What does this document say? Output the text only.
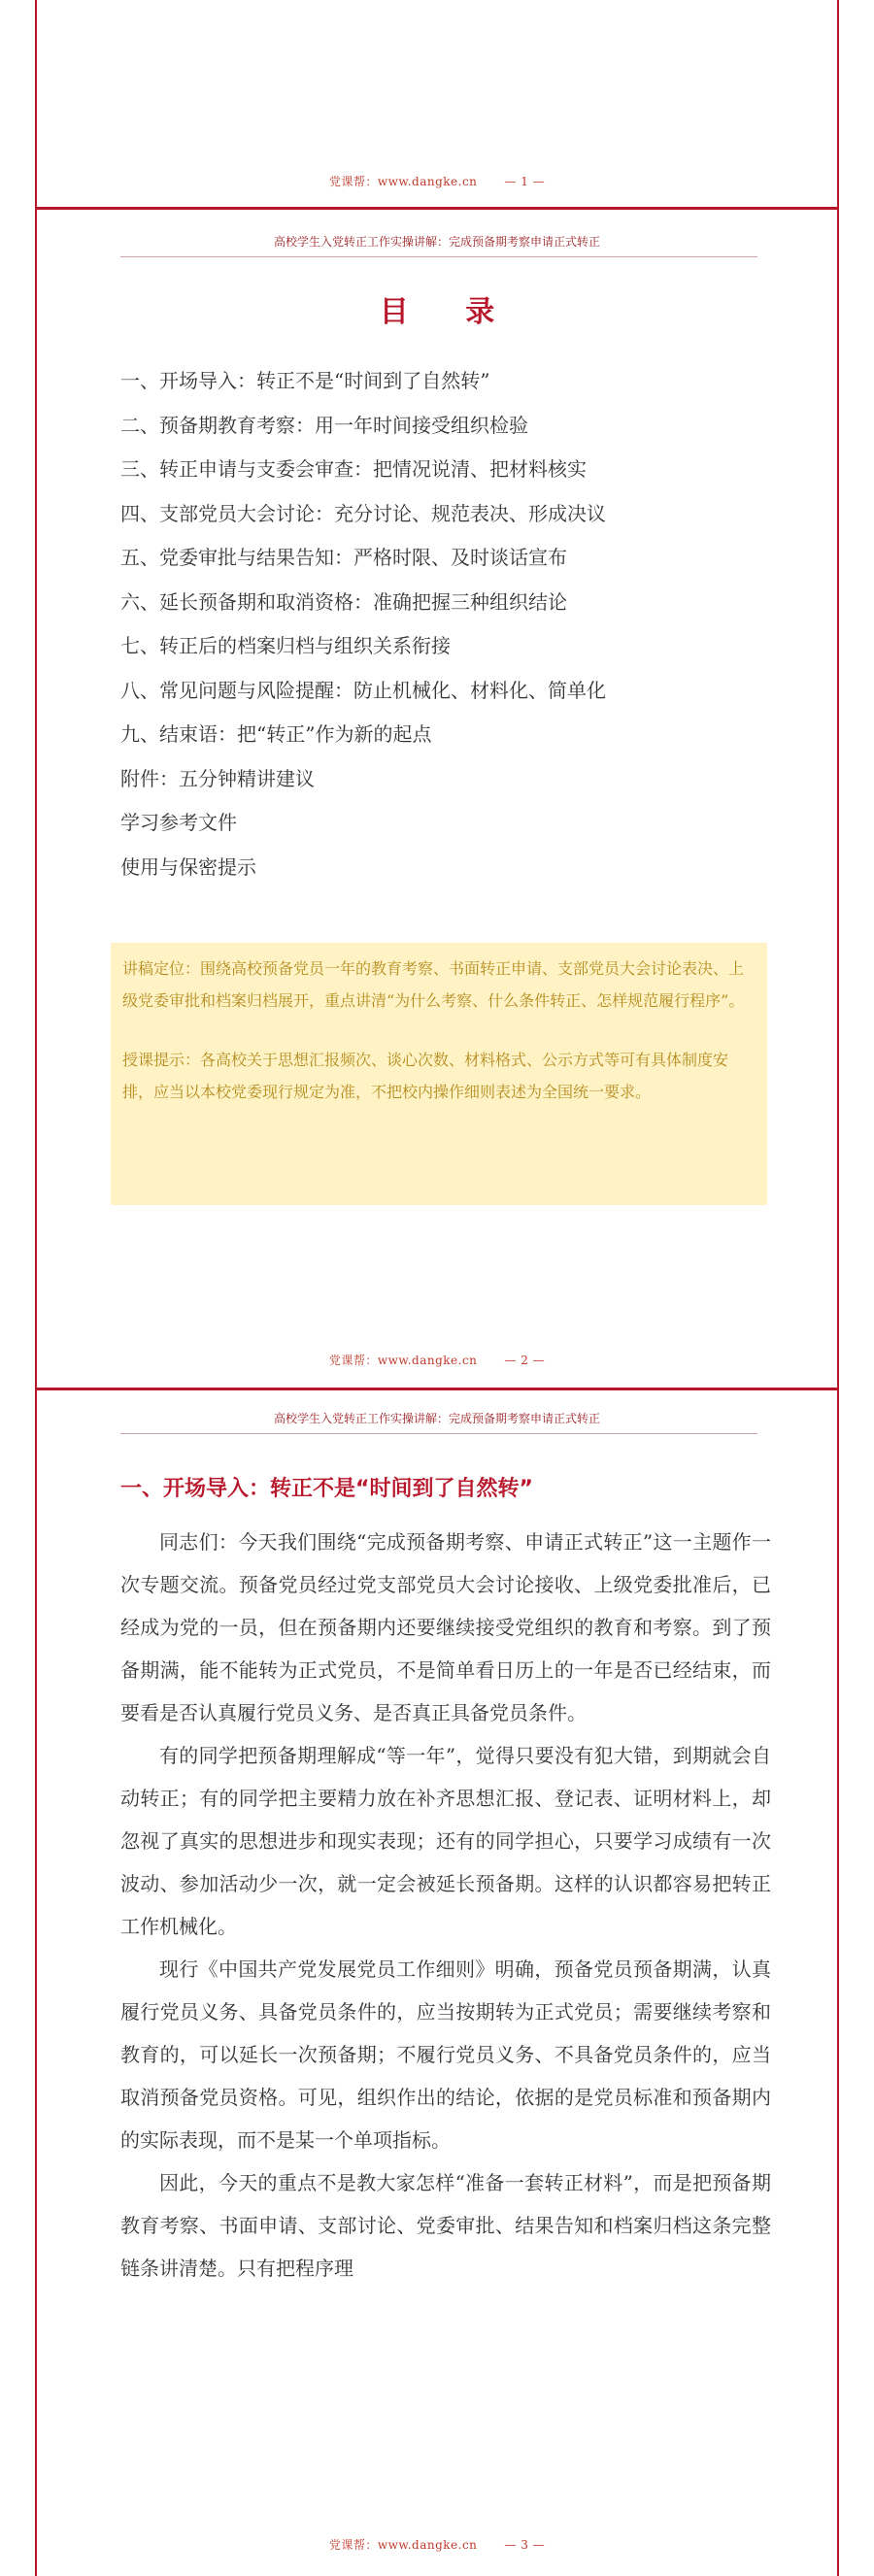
党课帮：www.dangke.cn — 1 —
高校学生入党转正工作实操讲解：完成预备期考察申请正式转正
目 录
一、开场导入：转正不是“时间到了自然转”
二、预备期教育考察：用一年时间接受组织检验
三、转正申请与支委会审查：把情况说清、把材料核实
四、支部党员大会讨论：充分讨论、规范表决、形成决议
五、党委审批与结果告知：严格时限、及时谈话宣布
六、延长预备期和取消资格：准确把握三种组织结论
七、转正后的档案归档与组织关系衔接
八、常见问题与风险提醒：防止机械化、材料化、简单化
九、结束语：把“转正”作为新的起点
附件：五分钟精讲建议
学习参考文件
使用与保密提示

讲稿定位：围绕高校预备党员一年的教育考察、书面转正申请、支部党员大会讨论表决、上级党委审批和档案归档展开，重点讲清“为什么考察、什么条件转正、怎样规范履行程序”。

授课提示：各高校关于思想汇报频次、谈心次数、材料格式、公示方式等可有具体制度安排，应当以本校党委现行规定为准，不把校内操作细则表述为全国统一要求。

党课帮：www.dangke.cn — 2 —
高校学生入党转正工作实操讲解：完成预备期考察申请正式转正
一、开场导入：转正不是“时间到了自然转”

同志们：今天我们围绕“完成预备期考察、申请正式转正”这一主题作一次专题交流。预备党员经过党支部党员大会讨论接收、上级党委批准后，已经成为党的一员，但在预备期内还要继续接受党组织的教育和考察。到了预备期满，能不能转为正式党员，不是简单看日历上的一年是否已经结束，而要看是否认真履行党员义务、是否真正具备党员条件。

有的同学把预备期理解成“等一年”，觉得只要没有犯大错，到期就会自动转正；有的同学把主要精力放在补齐思想汇报、登记表、证明材料上，却忽视了真实的思想进步和现实表现；还有的同学担心，只要学习成绩有一次波动、参加活动少一次，就一定会被延长预备期。这样的认识都容易把转正工作机械化。

现行《中国共产党发展党员工作细则》明确，预备党员预备期满，认真履行党员义务、具备党员条件的，应当按期转为正式党员；需要继续考察和教育的，可以延长一次预备期；不履行党员义务、不具备党员条件的，应当取消预备党员资格。可见，组织作出的结论，依据的是党员标准和预备期内的实际表现，而不是某一个单项指标。

因此，今天的重点不是教大家怎样“准备一套转正材料”，而是把预备期教育考察、书面申请、支部讨论、党委审批、结果告知和档案归档这条完整链条讲清楚。只有把程序理

党课帮：www.dangke.cn — 3 —
